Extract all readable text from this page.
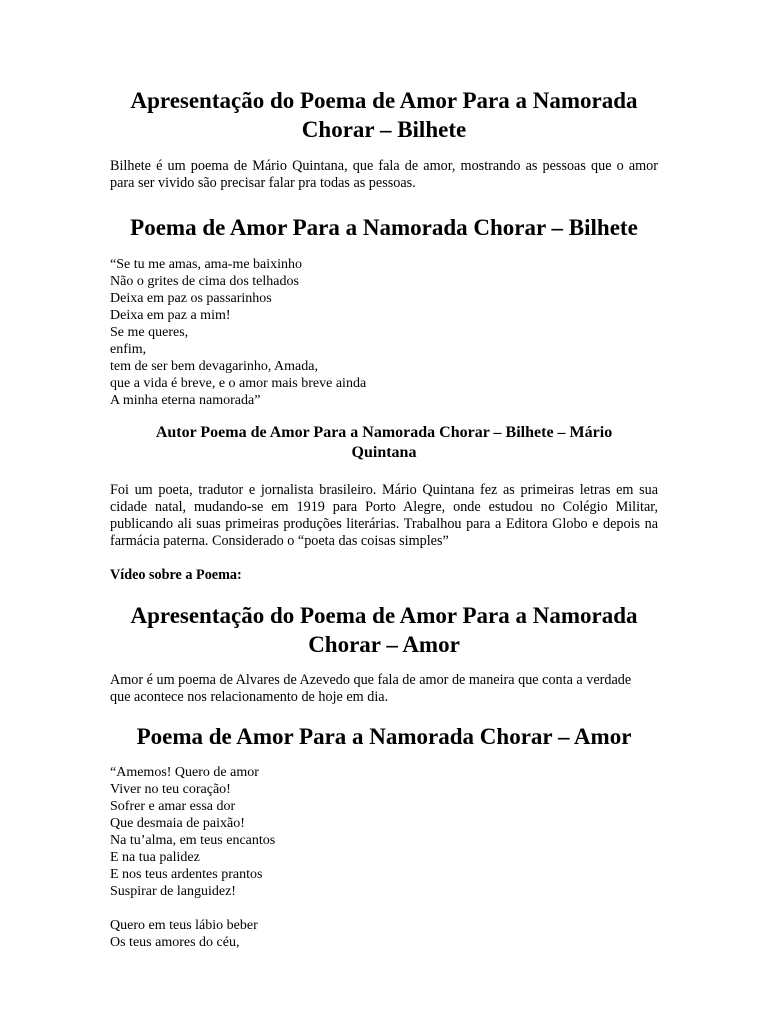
Apresentação do Poema de Amor Para a Namorada Chorar – Bilhete

Bilhete é um poema de Mário Quintana, que fala de amor, mostrando as pessoas que o amor para ser vivido são precisar falar pra todas as pessoas.

Poema de Amor Para a Namorada Chorar – Bilhete
“Se tu me amas, ama-me baixinho
Não o grites de cima dos telhados
Deixa em paz os passarinhos
Deixa em paz a mim!
Se me queres,
enfim,
tem de ser bem devagarinho, Amada,
que a vida é breve, e o amor mais breve ainda
A minha eterna namorada”
Autor Poema de Amor Para a Namorada Chorar – Bilhete – Mário Quintana

Foi um poeta, tradutor e jornalista brasileiro. Mário Quintana fez as primeiras letras em sua cidade natal, mudando-se em 1919 para Porto Alegre, onde estudou no Colégio Militar, publicando ali suas primeiras produções literárias. Trabalhou para a Editora Globo e depois na farmácia paterna. Considerado o “poeta das coisas simples”

Vídeo sobre a Poema:

Apresentação do Poema de Amor Para a Namorada Chorar – Amor

Amor é um poema de Alvares de Azevedo que fala de amor de maneira que conta a verdade que acontece nos relacionamento de hoje em dia.

Poema de Amor Para a Namorada Chorar – Amor
“Amemos! Quero de amor
Viver no teu coração!
Sofrer e amar essa dor
Que desmaia de paixão!
Na tu’alma, em teus encantos
E na tua palidez
E nos teus ardentes prantos
Suspirar de languidez!
Quero em teus lábio beber
Os teus amores do céu,
